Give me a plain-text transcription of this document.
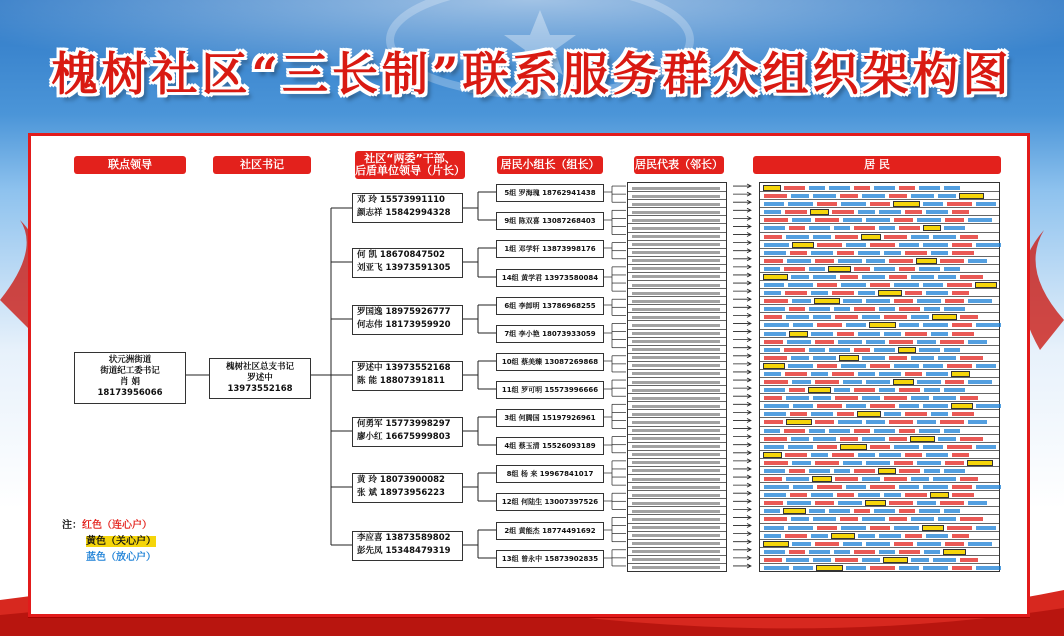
槐树社区“三长制”联系服务群众组织架构图
联点领导	社区书记	社区“两委”干部、
后盾单位领导（片长）	居民小组长（组长）	居民代表（邻长）	居 民
状元洲街道
街道纪工委书记
肖 娟
18173956066
槐树社区总支书记
罗述中
13973552168
邓 玲 15573991110
颜志祥 15842994328
何 凯 18670847502
刘亚飞 13973591305
罗国逸 18975926777
何志伟 18173959920
罗述中 13973552168
陈 能 18807391811
何勇军 15773998297
廖小红 16675999803
黄 玲 18073900082
张 斌 18973956223
李应喜 13873589802
彭先凤 15348479319
5组 罗海瑰 18762941438
9组 陈双喜 13087268403
1组 邓学轩 13873998176
14组 黄学君 13973580084
6组 李卸明 13786968255
7组 李小艳 18073933059
10组 蔡美臻 13087269868
11组 罗可明 15573996666
3组 何腾国 15197926961
4组 蔡玉清 15526093189
8组 杨 来 19967841017
12组 何陆生 13007397526
2组 黄能杰 18774491692
13组 曾永中 15873902835
注：红色（连心户）
黄色（关心户）
蓝色（放心户）
